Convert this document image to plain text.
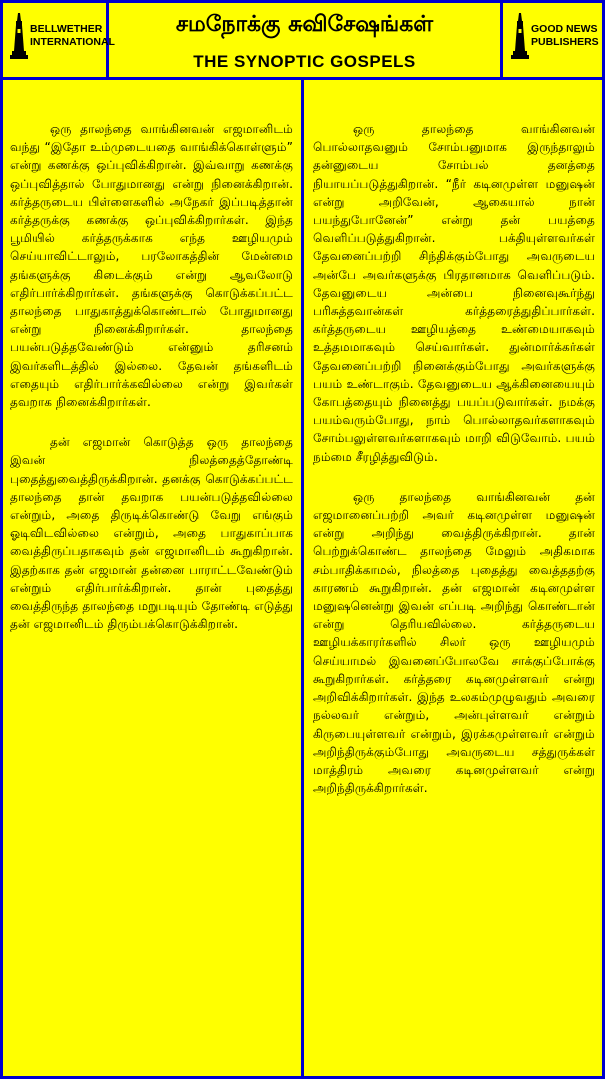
BELLWETHER
INTERNATIONAL
சமநோக்கு சுவிசேஷங்கள்
THE SYNOPTIC GOSPELS
GOOD NEWS
PUBLISHERS

ஒரு தாலந்தை வாங்கினவன் எஜமானிடம் வந்து “இதோ உம்முடையதை வாங்கிக்கொள்ளும்” என்று கணக்கு ஒப்புவிக்கிறான். இவ்வாறு கணக்கு ஒப்புவித்தால் போதுமானது என்று நினைக்கிறான். கர்த்தருடைய பிள்ளைகளில் அநேகர் இப்படித்தான் கர்த்தருக்கு கணக்கு ஒப்புவிக்கிறார்கள். இந்த பூமியில் கர்த்தருக்காக எந்த ஊழியமும் செய்யாவிட்டாலும், பரலோகத்தின் மேன்மை தங்களுக்கு கிடைக்கும் என்று ஆவலோடு எதிர்பார்க்கிறார்கள். தங்களுக்கு கொடுக்கப்பட்ட தாலந்தை பாதுகாத்துக்கொண்டால் போதுமானது என்று நினைக்கிறார்கள். தாலந்தை பயன்படுத்தவேண்டும் என்னும் தரிசனம் இவர்களிடத்தில் இல்லை. தேவன் தங்களிடம் எதையும் எதிர்பார்க்கவில்லை என்று இவர்கள் தவறாக நினைக்கிறார்கள்.

தன் எஜமான் கொடுத்த ஒரு தாலந்தை இவன் நிலத்தைத்தோண்டி புதைத்துவைத்திருக்கிறான். தனக்கு கொடுக்கப்பட்ட தாலந்தை தான் தவறாக பயன்படுத்தவில்லை என்றும், அதை திருடிக்கொண்டு வேறு எங்கும் ஓடிவிடவில்லை என்றும், அதை பாதுகாப்பாக வைத்திருப்பதாகவும் தன் எஜமானிடம் கூறுகிறான். இதற்காக தன் எஜமான் தன்னை பாராட்டவேண்டும் என்றும் எதிர்பார்க்கிறான். தான் புதைத்து வைத்திருந்த தாலந்தை மறுபடியும் தோண்டி எடுத்து தன் எஜமானிடம் திரும்பக்கொடுக்கிறான்.

ஒரு தாலந்தை வாங்கினவன் பொல்லாதவனும் சோம்பனுமாக இருந்தாலும் தன்னுடைய சோம்பல் தனத்தை நியாயப்படுத்துகிறான். “நீர் கடினமுள்ள மனுஷன் என்று அறிவேன், ஆகையால் நான் பயந்துபோனேன்” என்று தன் பயத்தை வெளிப்படுத்துகிறான். பக்தியுள்ளவர்கள் தேவனைப்பற்றி சிந்திக்கும்போது அவருடைய அன்பே அவர்களுக்கு பிரதானமாக வெளிப்படும். தேவனுடைய அன்பை நினைவுகூர்ந்து பரிசுத்தவான்கள் கர்த்தரைத்துதிப்பார்கள். கர்த்தருடைய ஊழியத்தை உண்மையாகவும் உத்தமமாகவும் செய்வார்கள். துன்மார்க்கர்கள் தேவனைப்பற்றி நினைக்கும்போது அவர்களுக்கு பயம் உண்டாகும். தேவனுடைய ஆக்கினையையும் கோபத்தையும் நினைத்து பயப்படுவார்கள். நமக்கு பயம்வரும்போது, நாம் பொல்லாதவர்களாகவும் சோம்பலுள்ளவர்களாகவும் மாறி விடுவோம். பயம் நம்மை சீரழித்துவிடும்.

ஒரு தாலந்தை வாங்கினவன் தன் எஜமானைப்பற்றி அவர் கடினமுள்ள மனுஷன் என்று அறிந்து வைத்திருக்கிறான். தான் பெற்றுக்கொண்ட தாலந்தை மேலும் அதிகமாக சம்பாதிக்காமல், நிலத்தை புதைத்து வைத்ததற்கு காரணம் கூறுகிறான். தன் எஜமான் கடினமுள்ள மனுஷனென்று இவன் எப்படி அறிந்து கொண்டான் என்று தெரியவில்லை. கர்த்தருடைய ஊழியக்காரர்களில் சிலர் ஒரு ஊழியமும் செய்யாமல் இவனைப்போலவே சாக்குப்போக்கு கூறுகிறார்கள். கர்த்தரை கடினமுள்ளவர் என்று அறிவிக்கிறார்கள். இந்த உலகம்முழுவதும் அவரை நல்லவர் என்றும், அன்புள்ளவர் என்றும் கிருபையுள்ளவர் என்றும், இரக்கமுள்ளவர் என்றும் அறிந்திருக்கும்போது அவருடைய சத்துருக்கள் மாத்திரம் அவரை கடினமுள்ளவர் என்று அறிந்திருக்கிறார்கள்.
